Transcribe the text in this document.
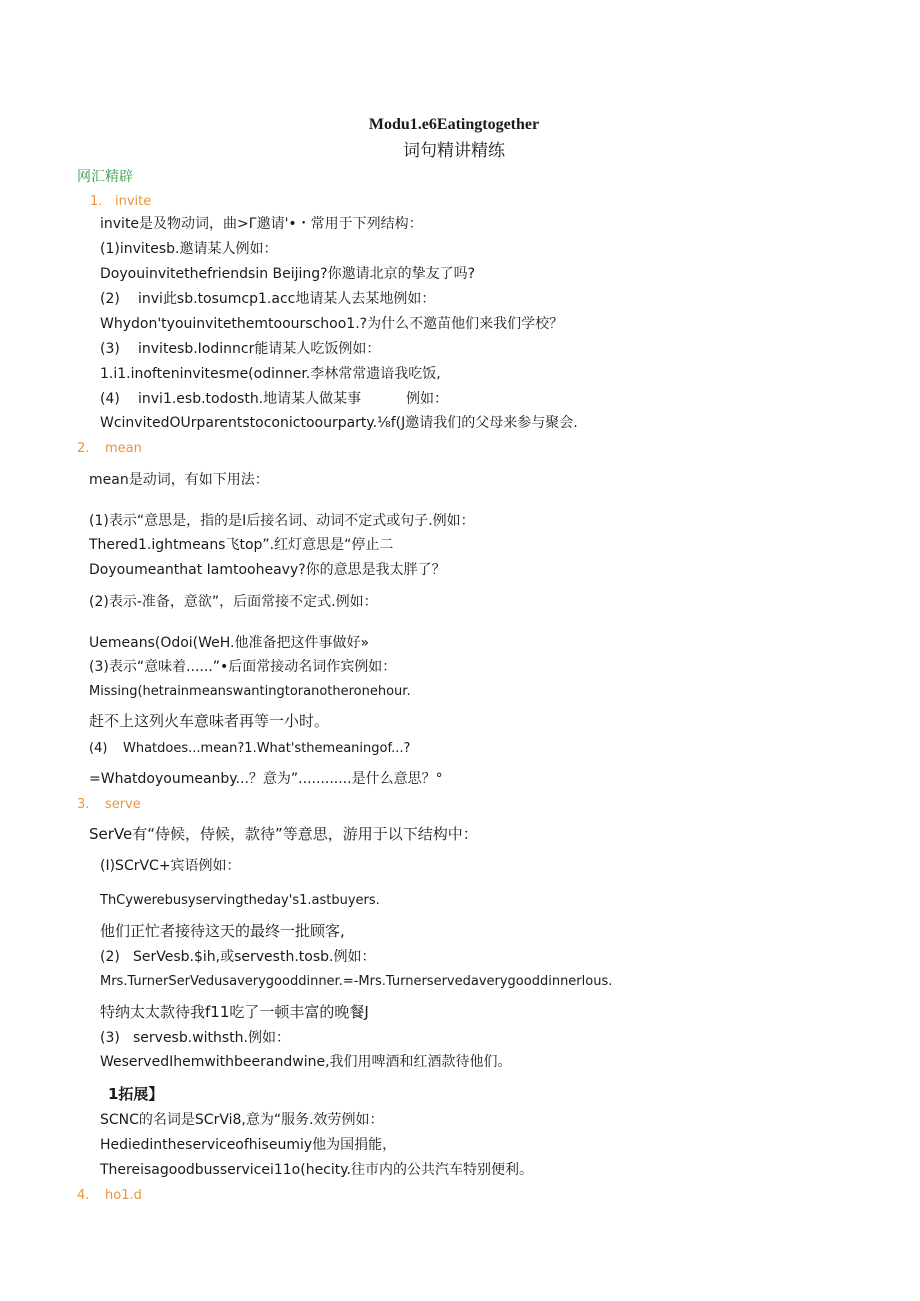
Modu1.e6Eatingtogether
词句精讲精练
网汇精辟
1. invite
invite是及物动词，曲>Γ邀请'•・常用于下列结构：
(1)invitesb.邀请某人例如：
Doyouinvitethefriendsin Beijing?你邀请北京的挚友了吗?
(2) invi此sb.tosumcp1.acc地请某人去某地例如：
Whydon'tyouinvitethemtoourschoo1.?为什么不邀苗他们来我们学校？
(3) invitesb.Iodinncr能请某人吃饭例如：
1.i1.inofteninvitesme(odinner.李林常常遗谙我吃饭,
(4) invi1.esb.todosth.地请某人做某事	例如：
WcinvitedOUrparentstoconictoourparty.⅛f(J邀请我们的父母来参与聚会.
2. mean
mean是动词，有如下用法：
(1)表示“意思是，指的是I后接名词、动词不定式或句子.例如：
Thered1.ightmeans飞top”.红灯意思是“停止二
Doyoumeanthat Iamtooheavy?你的意思是我太胖了？
(2)表示-准备，意欲”，后面常接不定式.例如：
Uemeans(Odoi(WeH.他准备把这件事做好»
(3)表示“意味着......”•后面常接动名词作宾例如：
Missing(hetrainmeanswantingtoranotheronehour.
赶不上这列火车意味者再等一小时。
(4) Whatdoes...mean?1.What'sthemeaningof...?
=Whatdoyoumeanby...？意为”............是什么意思？°
3. serve
SerVe有“侍候，侍候，款待”等意思，游用于以下结构中：
(I)SCrVC+宾语例如：
ThCywerebusyservingtheday's1.astbuyers.
他们正忙者接待这天的最终一批顾客,
(2) SerVesb.$ih,或servesth.tosb.例如：
Mrs.TurnerSerVedusaverygooddinner.=-Mrs.Turnerservedaverygooddinnerlous.
特纳太太款待我f11吃了一顿丰富的晚餐J
(3) servesb.withsth.例如：
WeservedIhemwithbeerandwine,我们用啤酒和红酒款待他们。
1拓展】
SCNC的名词是SCrVi8,意为“服务.效劳例如：
Hediedintheserviceofhiseumiy他为国捐能，
Thereisagoodbusservicei11o(hecity.往市内的公共汽车特别便利。
4. ho1.d
